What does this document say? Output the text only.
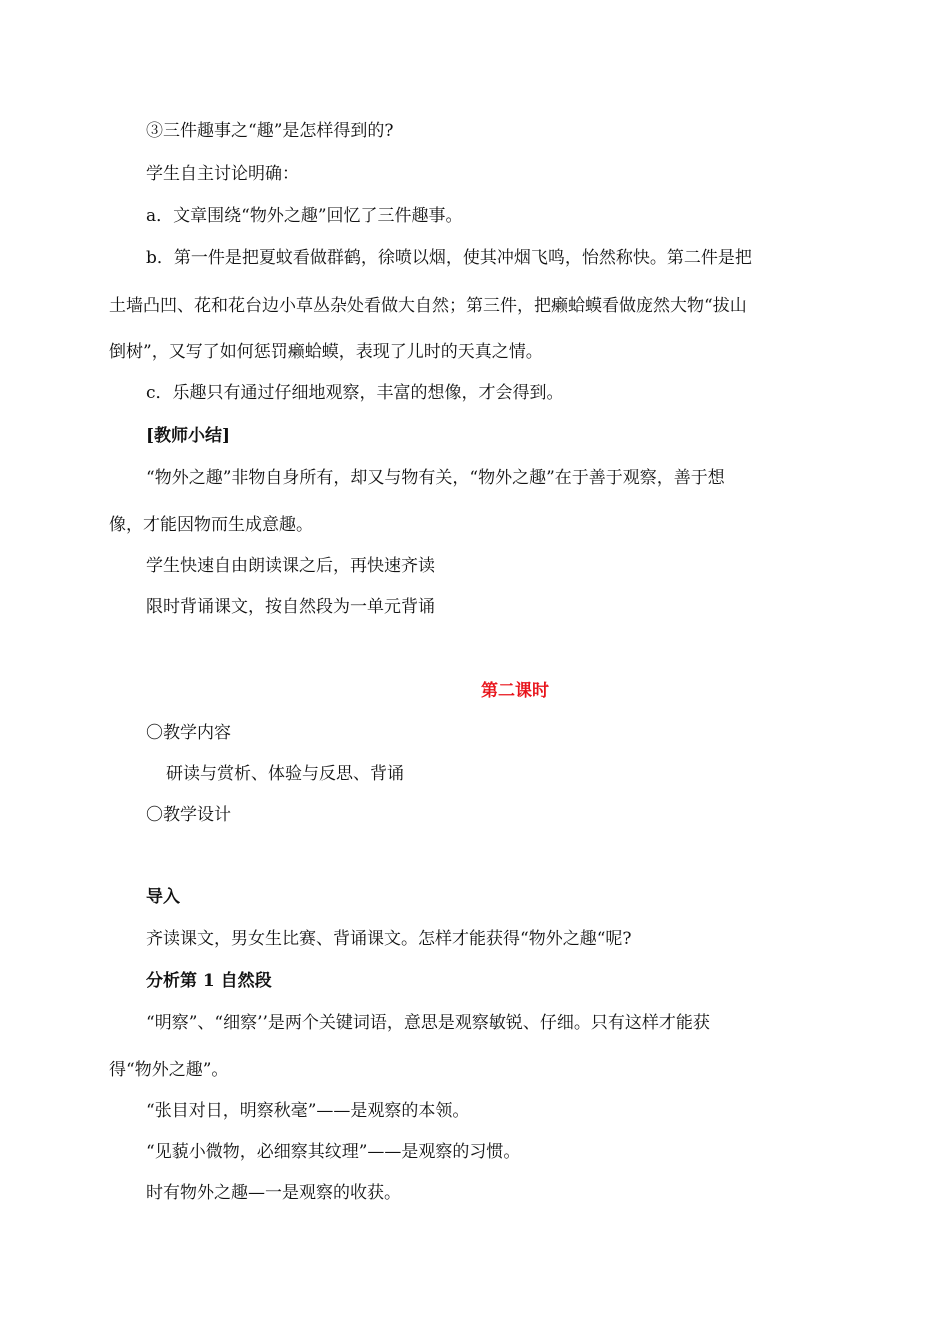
③三件趣事之“趣”是怎样得到的?

学生自主讨论明确：

a．文章围绕“物外之趣”回忆了三件趣事。

b．第一件是把夏蚊看做群鹤，徐喷以烟，使其冲烟飞鸣，怡然称快。第二件是把

土墙凸凹、花和花台边小草丛杂处看做大自然；第三件，把癞蛤蟆看做庞然大物“拔山

倒树”，又写了如何惩罚癞蛤蟆，表现了儿时的天真之情。

c．乐趣只有通过仔细地观察，丰富的想像，才会得到。

[教师小结]

“物外之趣”非物自身所有，却又与物有关，“物外之趣”在于善于观察，善于想

像，才能因物而生成意趣。

学生快速自由朗读课之后，再快速齐读

限时背诵课文，按自然段为一单元背诵

第二课时

〇教学内容

研读与赏析、体验与反思、背诵

〇教学设计

导入

齐读课文，男女生比赛、背诵课文。怎样才能获得“物外之趣“呢?

分析第 1 自然段

“明察”、“细察’’是两个关键词语，意思是观察敏锐、仔细。只有这样才能获

得“物外之趣”。

“张目对日，明察秋毫”——是观察的本领。

“见藐小微物，必细察其纹理”——是观察的习惯。

时有物外之趣—一是观察的收获。
